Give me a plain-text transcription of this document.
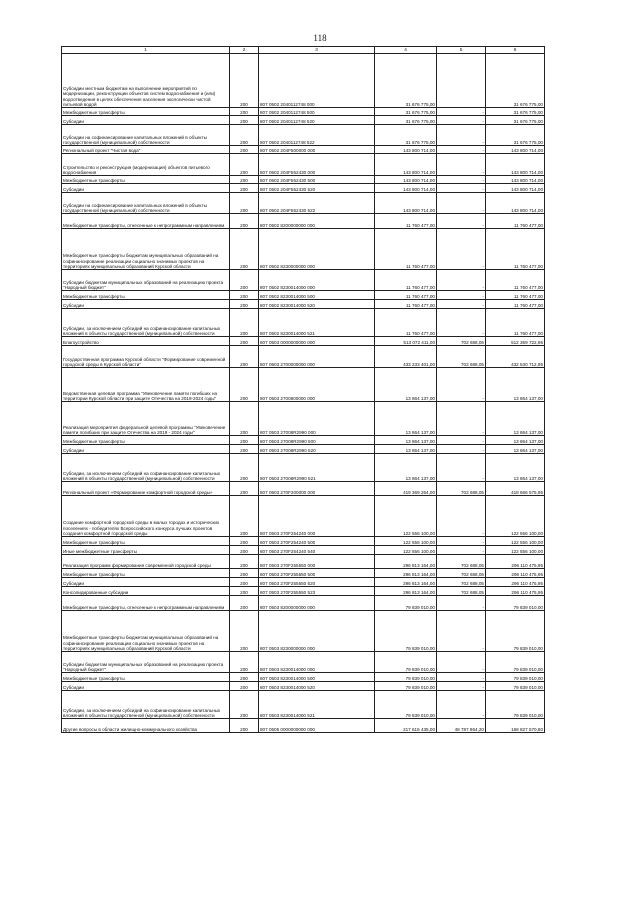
118
1	2	3	4	5	6
Субсидии местным бюджетам на выполнение мероприятий по модернизации, реконструкции объектов систем водоснабжения и (или) водоотведения в целях обеспечения населения экологически чистой питьевой водой	200	807 0502 2040112748 000	31 676 775,00		31 676 775,00
Межбюджетные трансферты	200	807 0502 2040112748 500	31 676 775,00	-	31 676 775,00
Субсидии	200	807 0502 2040112748 520	31 676 775,00	-	31 676 775,00
Субсидии на софинансирование капитальных вложений в объекты государственной (муниципальной) собственности	200	807 0502 2040112748 522	31 676 775,00	-	31 676 775,00
Региональный проект "Чистая вода"	200	807 0502 204F500000 000	143 800 714,00	-	143 800 714,00
Строительство и реконструкция (модернизация) объектов питьевого водоснабжения	200	807 0502 204F552430 000	143 800 714,00	-	143 800 714,00
Межбюджетные трансферты	200	807 0502 204F552430 500	143 800 714,00	-	143 800 714,00
Субсидии	200	807 0502 204F552430 520	143 800 714,00	-	143 800 714,00
Субсидии на софинансирование капитальных вложений в объекты государственной (муниципальной) собственности	200	807 0502 204F552430 522	143 800 714,00	-	143 800 714,00
Межбюджетные трансферты, отнесенные к непрограммным направлениям	200	807 0502 8200000000 000	11 760 477,00	-	11 760 477,00
Межбюджетные трансферты бюджетам муниципальных образований на софинансирование реализации социально значимых проектов на территориях муниципальных образований Курской области	200	807 0502 8230000000 000	11 760 477,00	-	11 760 477,00
Субсидии бюджетам муниципальных образований на реализацию проекта "Народный бюджет"	200	807 0502 8230014000 000	11 760 477,00	-	11 760 477,00
Межбюджетные трансферты	200	807 0502 8230014000 500	11 760 477,00	-	11 760 477,00
Субсидии	200	807 0502 8230014000 520	11 760 477,00	-	11 760 477,00
Субсидии, за исключением субсидий на софинансирование капитальных вложений в объекты государственной (муниципальной) собственности	200	807 0502 8230014000 521	11 760 477,00	-	11 760 477,00
Благоустройство	200	807 0503 0000000000 000	513 072 411,00	702 688,05	512 369 722,95
Государственная программа Курской области "Формирование современной городской среды в Курской области"	200	807 0503 2700000000 000	433 233 401,00	702 688,05	432 530 712,95
Ведомственная целевая программа "Увековечение памяти погибших на территории Курской области при защите Отечества на 2019-2024 годы"	200	807 0503 2700800000 000	13 864 137,00	-	13 864 137,00
Реализация мероприятия федеральной целевой программы "Увековечение памяти погибших при защите Отечества на 2019 - 2024 годы"	200	807 0503 27008R2990 000	13 864 137,00	-	13 864 137,00
Межбюджетные трансферты	200	807 0503 27008R2990 500	13 864 137,00	-	13 864 137,00
Субсидии	200	807 0503 27008R2990 520	13 864 137,00	-	13 864 137,00
Субсидии, за исключением субсидий на софинансирование капитальных вложений в объекты государственной (муниципальной) собственности	200	807 0503 27008R2990 521	13 864 137,00	-	13 864 137,00
Региональный проект «Формирование комфортной городской среды»	200	807 0503 270F200000 000	419 369 264,00	702 688,05	418 666 575,95
Создание комфортной городской среды в малых городах и исторических поселениях - победителях Всероссийского конкурса лучших проектов создания комфортной городской среды	200	807 0503 270F254240 000	122 556 100,00	-	122 556 100,00
Межбюджетные трансферты	200	807 0503 270F254240 500	122 556 100,00	-	122 556 100,00
Иные межбюджетные трансферты	200	807 0503 270F254240 540	122 556 100,00	-	122 556 100,00
Реализация программ формирования современной городской среды	200	807 0503 270F255550 000	296 813 164,00	702 688,05	296 110 475,95
Межбюджетные трансферты	200	807 0503 270F255550 500	296 813 164,00	702 688,05	296 110 475,95
Субсидии	200	807 0503 270F255550 520	296 813 164,00	702 688,05	296 110 475,95
Консолидированные субсидии	200	807 0503 270F255550 523	296 813 164,00	702 688,05	296 110 475,95
Межбюджетные трансферты, отнесенные к непрограммным направлениям	200	807 0503 8200000000 000	79 839 010,00	-	79 839 010,00
Межбюджетные трансферты бюджетам муниципальных образований на софинансирование реализации социально значимых проектов на территориях муниципальных образований Курской области	200	807 0503 8230000000 000	79 839 010,00	-	79 839 010,00
Субсидии бюджетам муниципальных образований на реализацию проекта "Народный бюджет"	200	807 0503 8230014000 000	79 839 010,00	-	79 839 010,00
Межбюджетные трансферты	200	807 0503 8230014000 500	79 839 010,00	-	79 839 010,00
Субсидии	200	807 0503 8230014000 520	79 839 010,00	-	79 839 010,00
Субсидии, за исключением субсидий на софинансирование капитальных вложений в объекты государственной (муниципальной) собственности	200	807 0503 8230014000 521	79 839 010,00	-	79 839 010,00
Другие вопросы в области жилищно-коммунального хозяйства	200	807 0505 0000000000 000	217 615 435,00	48 787 864,20	168 827 570,80
